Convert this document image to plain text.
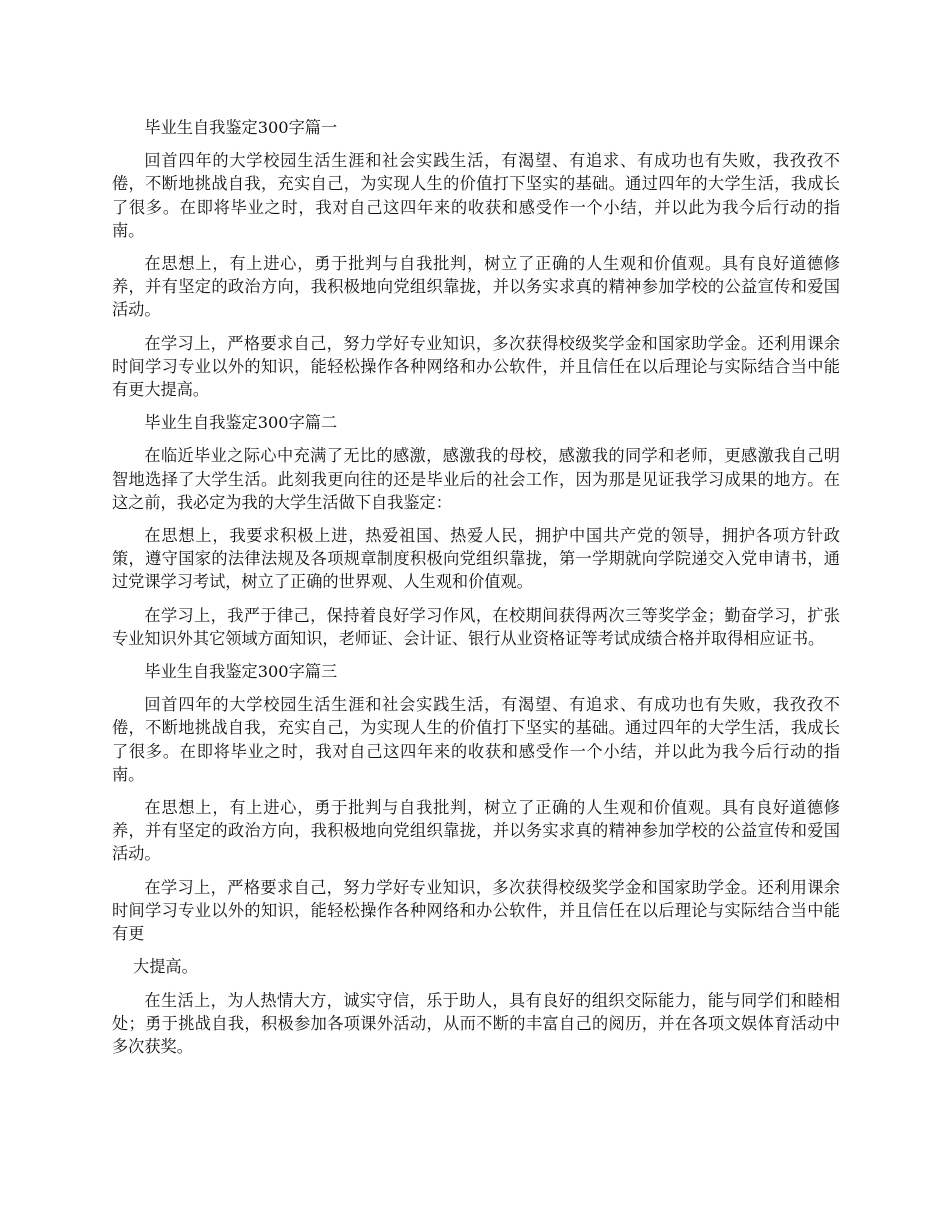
毕业生自我鉴定300字篇一

回首四年的大学校园生活生涯和社会实践生活，有渴望、有追求、有成功也有失败，我孜孜不倦，不断地挑战自我，充实自己，为实现人生的价值打下坚实的基础。通过四年的大学生活，我成长了很多。在即将毕业之时，我对自己这四年来的收获和感受作一个小结，并以此为我今后行动的指南。

在思想上，有上进心，勇于批判与自我批判，树立了正确的人生观和价值观。具有良好道德修养，并有坚定的政治方向，我积极地向党组织靠拢，并以务实求真的精神参加学校的公益宣传和爱国活动。

在学习上，严格要求自己，努力学好专业知识，多次获得校级奖学金和国家助学金。还利用课余时间学习专业以外的知识，能轻松操作各种网络和办公软件，并且信任在以后理论与实际结合当中能有更大提高。

毕业生自我鉴定300字篇二

在临近毕业之际心中充满了无比的感激，感激我的母校，感激我的同学和老师，更感激我自己明智地选择了大学生活。此刻我更向往的还是毕业后的社会工作，因为那是见证我学习成果的地方。在这之前，我必定为我的大学生活做下自我鉴定：

在思想上，我要求积极上进，热爱祖国、热爱人民，拥护中国共产党的领导，拥护各项方针政策，遵守国家的法律法规及各项规章制度积极向党组织靠拢，第一学期就向学院递交入党申请书，通过党课学习考试，树立了正确的世界观、人生观和价值观。

在学习上，我严于律己，保持着良好学习作风，在校期间获得两次三等奖学金；勤奋学习，扩张专业知识外其它领域方面知识，老师证、会计证、银行从业资格证等考试成绩合格并取得相应证书。

毕业生自我鉴定300字篇三

回首四年的大学校园生活生涯和社会实践生活，有渴望、有追求、有成功也有失败，我孜孜不倦，不断地挑战自我，充实自己，为实现人生的价值打下坚实的基础。通过四年的大学生活，我成长了很多。在即将毕业之时，我对自己这四年来的收获和感受作一个小结，并以此为我今后行动的指南。

在思想上，有上进心，勇于批判与自我批判，树立了正确的人生观和价值观。具有良好道德修养，并有坚定的政治方向，我积极地向党组织靠拢，并以务实求真的精神参加学校的公益宣传和爱国活动。

在学习上，严格要求自己，努力学好专业知识，多次获得校级奖学金和国家助学金。还利用课余时间学习专业以外的知识，能轻松操作各种网络和办公软件，并且信任在以后理论与实际结合当中能有更

大提高。

在生活上，为人热情大方，诚实守信，乐于助人，具有良好的组织交际能力，能与同学们和睦相处；勇于挑战自我，积极参加各项课外活动，从而不断的丰富自己的阅历，并在各项文娱体育活动中多次获奖。
